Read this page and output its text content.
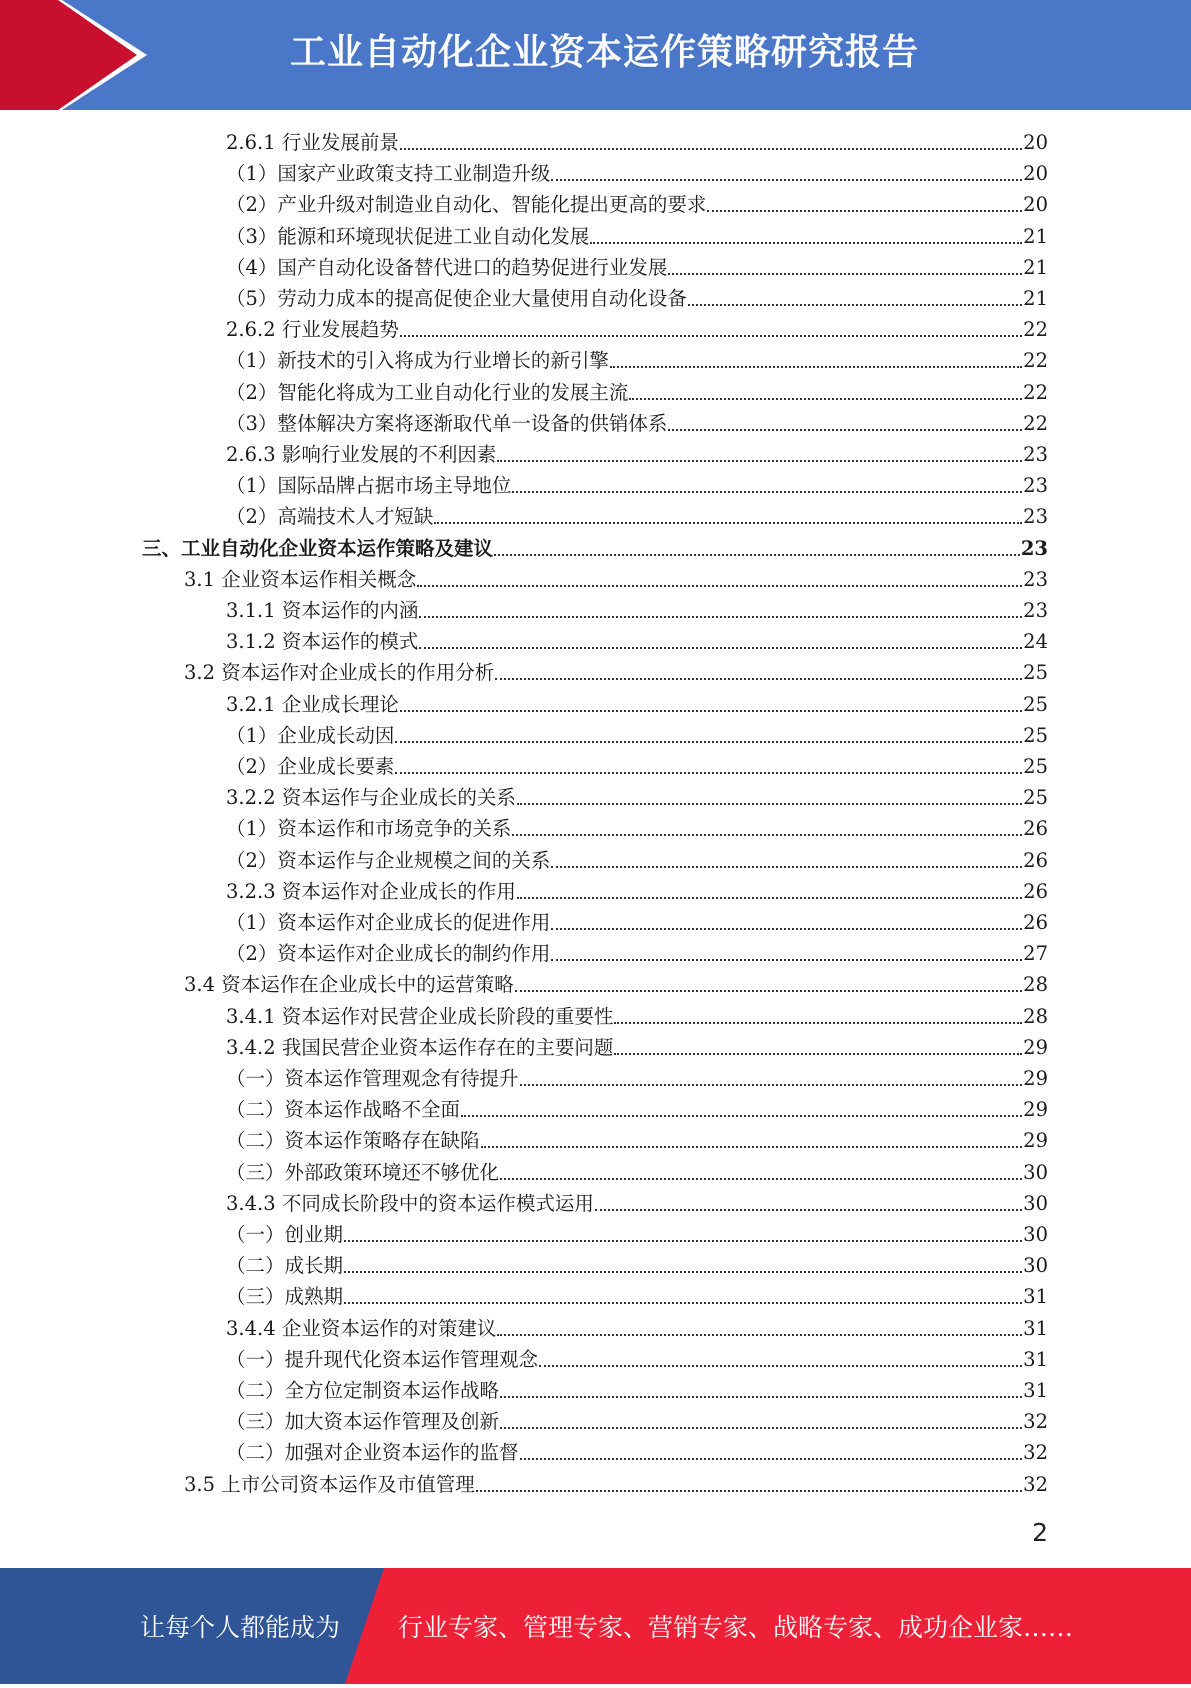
工业自动化企业资本运作策略研究报告
2.6.1 行业发展前景	20
（1）国家产业政策支持工业制造升级	20
（2）产业升级对制造业自动化、智能化提出更高的要求	20
（3）能源和环境现状促进工业自动化发展	21
（4）国产自动化设备替代进口的趋势促进行业发展	21
（5）劳动力成本的提高促使企业大量使用自动化设备	21
2.6.2 行业发展趋势	22
（1）新技术的引入将成为行业增长的新引擎	22
（2）智能化将成为工业自动化行业的发展主流	22
（3）整体解决方案将逐渐取代单一设备的供销体系	22
2.6.3 影响行业发展的不利因素	23
（1）国际品牌占据市场主导地位	23
（2）高端技术人才短缺	23
三、工业自动化企业资本运作策略及建议	23
3.1 企业资本运作相关概念	23
3.1.1 资本运作的内涵	23
3.1.2 资本运作的模式	24
3.2 资本运作对企业成长的作用分析	25
3.2.1 企业成长理论	25
（1）企业成长动因	25
（2）企业成长要素	25
3.2.2 资本运作与企业成长的关系	25
（1）资本运作和市场竞争的关系	26
（2）资本运作与企业规模之间的关系	26
3.2.3 资本运作对企业成长的作用	26
（1）资本运作对企业成长的促进作用	26
（2）资本运作对企业成长的制约作用	27
3.4 资本运作在企业成长中的运营策略	28
3.4.1 资本运作对民营企业成长阶段的重要性	28
3.4.2 我国民营企业资本运作存在的主要问题	29
（一）资本运作管理观念有待提升	29
（二）资本运作战略不全面	29
（二）资本运作策略存在缺陷	29
（三）外部政策环境还不够优化	30
3.4.3 不同成长阶段中的资本运作模式运用	30
（一）创业期	30
（二）成长期	30
（三）成熟期	31
3.4.4 企业资本运作的对策建议	31
（一）提升现代化资本运作管理观念	31
（二）全方位定制资本运作战略	31
（三）加大资本运作管理及创新	32
（二）加强对企业资本运作的监督	32
3.5 上市公司资本运作及市值管理	32
2
让每个人都能成为 行业专家、管理专家、营销专家、战略专家、成功企业家……
